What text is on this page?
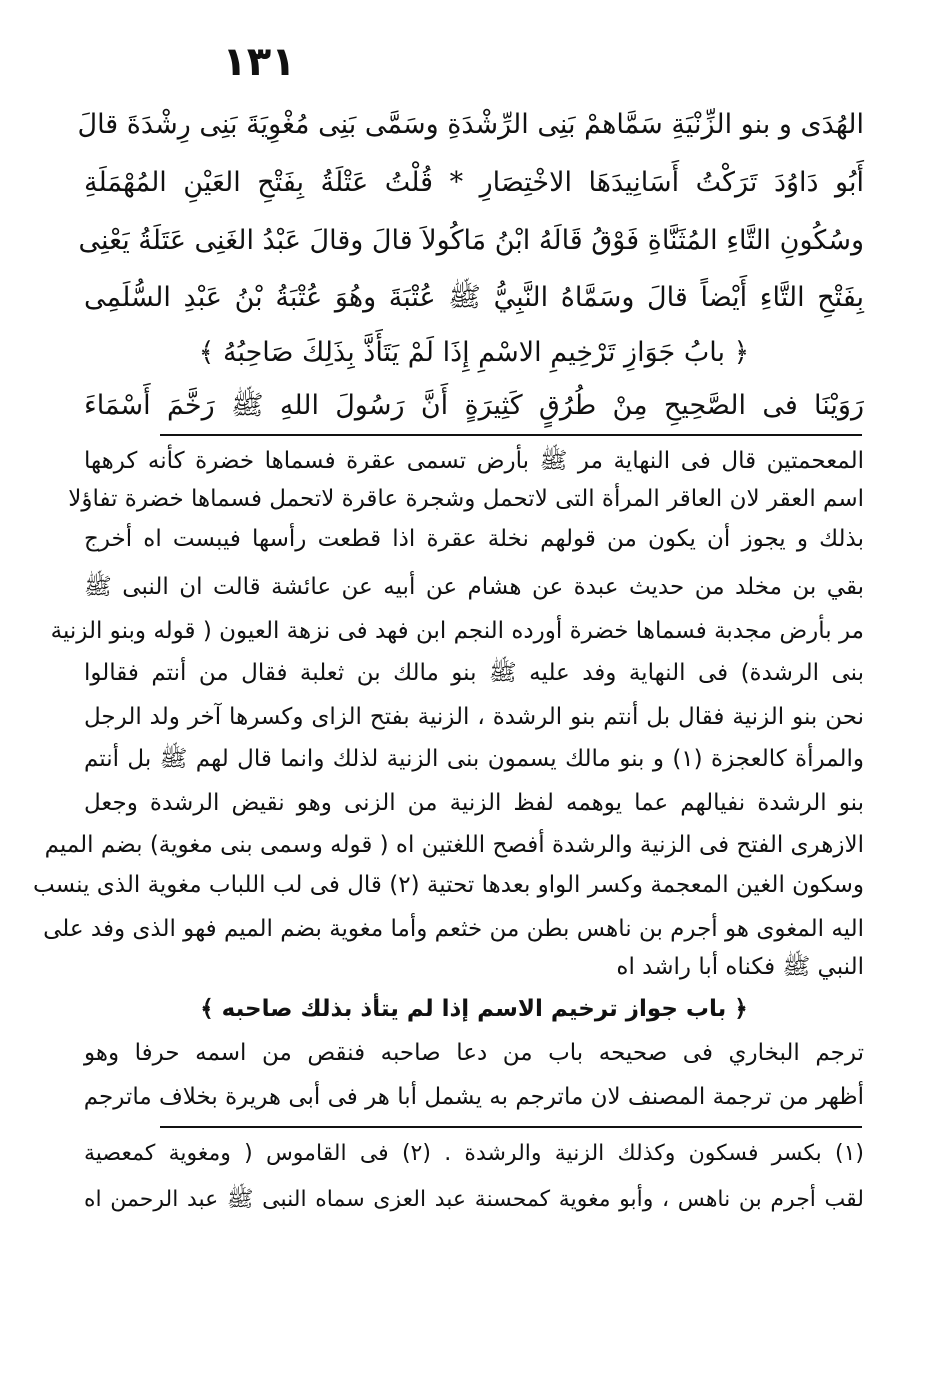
١٣١
الهُدَى و بنو الزِّنْيَةِ سَمَّاهمْ بَنِى الرِّشْدَةِ وسَمَّى بَنِى مُغْوِيَةَ بَنِى رِشْدَةَ قالَ
أَبُو دَاوُدَ تَرَكْتُ أَسَانِيدَهَا الاخْتِصَارِ * قُلْتُ عَتْلَةُ بِفَتْحِ العَيْنِ المُهْمَلَةِ
وسُكُونِ التَّاءِ المُثَنَّاةِ فَوْقُ قَالَهُ ابْنُ مَاكُولاَ قالَ وقالَ عَبْدُ الغَنِى عَتَلَةُ يَعْنِى
بِفَتْحِ التَّاءِ أَيْضاً قالَ وسَمَّاهُ النَّبِيُّ ﷺ عُتْبَةَ وهُوَ عُتْبَةُ بْنُ عَبْدِ السُّلَمِى
﴿ بابُ جَوَازِ تَرْخِيمِ الاسْمِ إِذَا لَمْ يَتَأَذَّ بِذَلِكَ صَاحِبُهُ ﴾
رَوَيْنَا فى الصَّحِيحِ مِنْ طُرُقٍ كَثِيرَةٍ أَنَّ رَسُولَ اللهِ ﷺ رَخَّمَ أَسْمَاءَ
المعحمتين قال فى النهاية مر ﷺ بأرض تسمى عقرة فسماها خضرة كأنه كرهها
اسم العقر لان العاقر المرأة التى لاتحمل وشجرة عاقرة لاتحمل فسماها خضرة تفاؤلا
بذلك و يجوز أن يكون من قولهم نخلة عقرة اذا قطعت رأسها فيبست اه أخرج
بقي بن مخلد من حديث عبدة عن هشام عن أبيه عن عائشة قالت ان النبى ﷺ
مر بأرض مجدبة فسماها خضرة أورده النجم ابن فهد فى نزهة العيون ( قوله وبنو الزنية
بنى الرشدة) فى النهاية وفد عليه ﷺ بنو مالك بن ثعلبة فقال من أنتم فقالوا
نحن بنو الزنية فقال بل أنتم بنو الرشدة ، الزنية بفتح الزاى وكسرها آخر ولد الرجل
والمرأة كالعجزة (١) و بنو مالك يسمون بنى الزنية لذلك وانما قال لهم ﷺ بل أنتم
بنو الرشدة نفيالهم عما يوهمه لفظ الزنية من الزنى وهو نقيض الرشدة وجعل
الازهرى الفتح فى الزنية والرشدة أفصح اللغتين اه ( قوله وسمى بنى مغوية) بضم الميم
وسكون الغين المعجمة وكسر الواو بعدها تحتية (٢) قال فى لب اللباب مغوية الذى ينسب
اليه المغوى هو أجرم بن ناهس بطن من خثعم وأما مغوية بضم الميم فهو الذى وفد على
النبي ﷺ فكناه أبا راشد اه
﴿ باب جواز ترخيم الاسم إذا لم يتأذ بذلك صاحبه ﴾
ترجم البخاري فى صحيحه باب من دعا صاحبه فنقص من اسمه حرفا وهو
أظهر من ترجمة المصنف لان ماترجم به يشمل أبا هر فى أبى هريرة بخلاف ماترجم
(١) بكسر فسكون وكذلك الزنية والرشدة . (٢) فى القاموس ( ومغوية كمعصية
لقب أجرم بن ناهس ، وأبو مغوية كمحسنة عبد العزى سماه النبى ﷺ عبد الرحمن اه
